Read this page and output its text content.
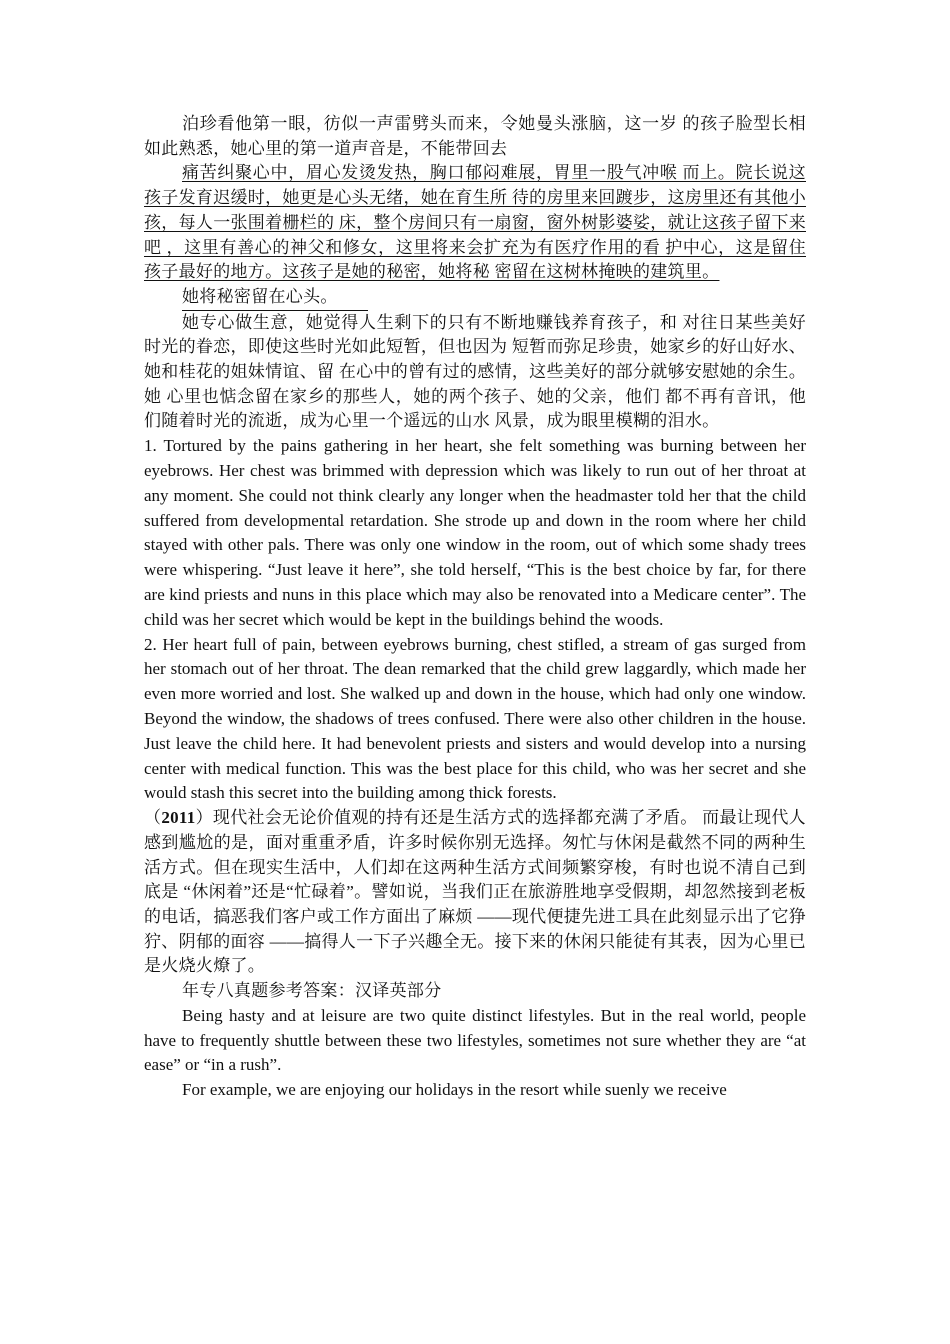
泊珍看他第一眼，彷似一声雷劈头而来，令她曼头涨脑，这一岁 的孩子脸型长相如此熟悉，她心里的第一道声音是，不能带回去

痛苦纠聚心中，眉心发烫发热，胸口郁闷难展，胃里一股气冲喉 而上。院长说这孩子发育迟缓时，她更是心头无绪，她在育生所 待的房里来回踱步，这房里还有其他小孩，每人一张围着栅栏的 床，整个房间只有一扇窗，窗外树影婆娑，就让这孩子留下来吧 ，这里有善心的神父和修女，这里将来会扩充为有医疗作用的看 护中心，这是留住孩子最好的地方。这孩子是她的秘密，她将秘 密留在这树林掩映的建筑里。

她将秘密留在心头。

她专心做生意，她觉得人生剩下的只有不断地赚钱养育孩子，和 对往日某些美好时光的眷恋，即使这些时光如此短暂，但也因为 短暂而弥足珍贵，她家乡的好山好水、她和桂花的姐妹情谊、留 在心中的曾有过的感情，这些美好的部分就够安慰她的余生。她 心里也惦念留在家乡的那些人，她的两个孩子、她的父亲，他们 都不再有音讯，他们随着时光的流逝，成为心里一个遥远的山水 风景，成为眼里模糊的泪水。

1. Tortured by the pains gathering in her heart, she felt something was burning between her eyebrows. Her chest was brimmed with depression which was likely to run out of her throat at any moment. She could not think clearly any longer when the headmaster told her that the child suffered from developmental retardation. She strode up and down in the room where her child stayed with other pals. There was only one window in the room, out of which some shady trees were whispering. “Just leave it here”, she told herself, “This is the best choice by far, for there are kind priests and nuns in this place which may also be renovated into a Medicare center”. The child was her secret which would be kept in the buildings behind the woods.

2. Her heart full of pain, between eyebrows burning, chest stifled, a stream of gas surged from her stomach out of her throat. The dean remarked that the child grew laggardly, which made her even more worried and lost. She walked up and down in the house, which had only one window. Beyond the window, the shadows of trees confused. There were also other children in the house. Just leave the child here. It had benevolent priests and sisters and would develop into a nursing center with medical function. This was the best place for this child, who was her secret and she would stash this secret into the building among thick forests.

（2011）现代社会无论价值观的持有还是生活方式的选择都充满了矛盾。 而最让现代人感到尴尬的是，面对重重矛盾，许多时候你别无选择。匆忙与休闲是截然不同的两种生活方式。但在现实生活中，人们却在这两种生活方式间频繁穿梭，有时也说不清自己到底是 “休闲着”还是“忙碌着”。譬如说，当我们正在旅游胜地享受假期，却忽然接到老板的电话，搞恶我们客户或工作方面出了麻烦 ——现代便捷先进工具在此刻显示出了它狰狞、阴郁的面容 ——搞得人一下子兴趣全无。接下来的休闲只能徒有其表，因为心里已是火烧火燎了。

年专八真题参考答案：汉译英部分

Being hasty and at leisure are two quite distinct lifestyles. But in the real world, people have to frequently shuttle between these two lifestyles, sometimes not sure whether they are “at ease” or “in a rush”.

For example, we are enjoying our holidays in the resort while suenly we receive
